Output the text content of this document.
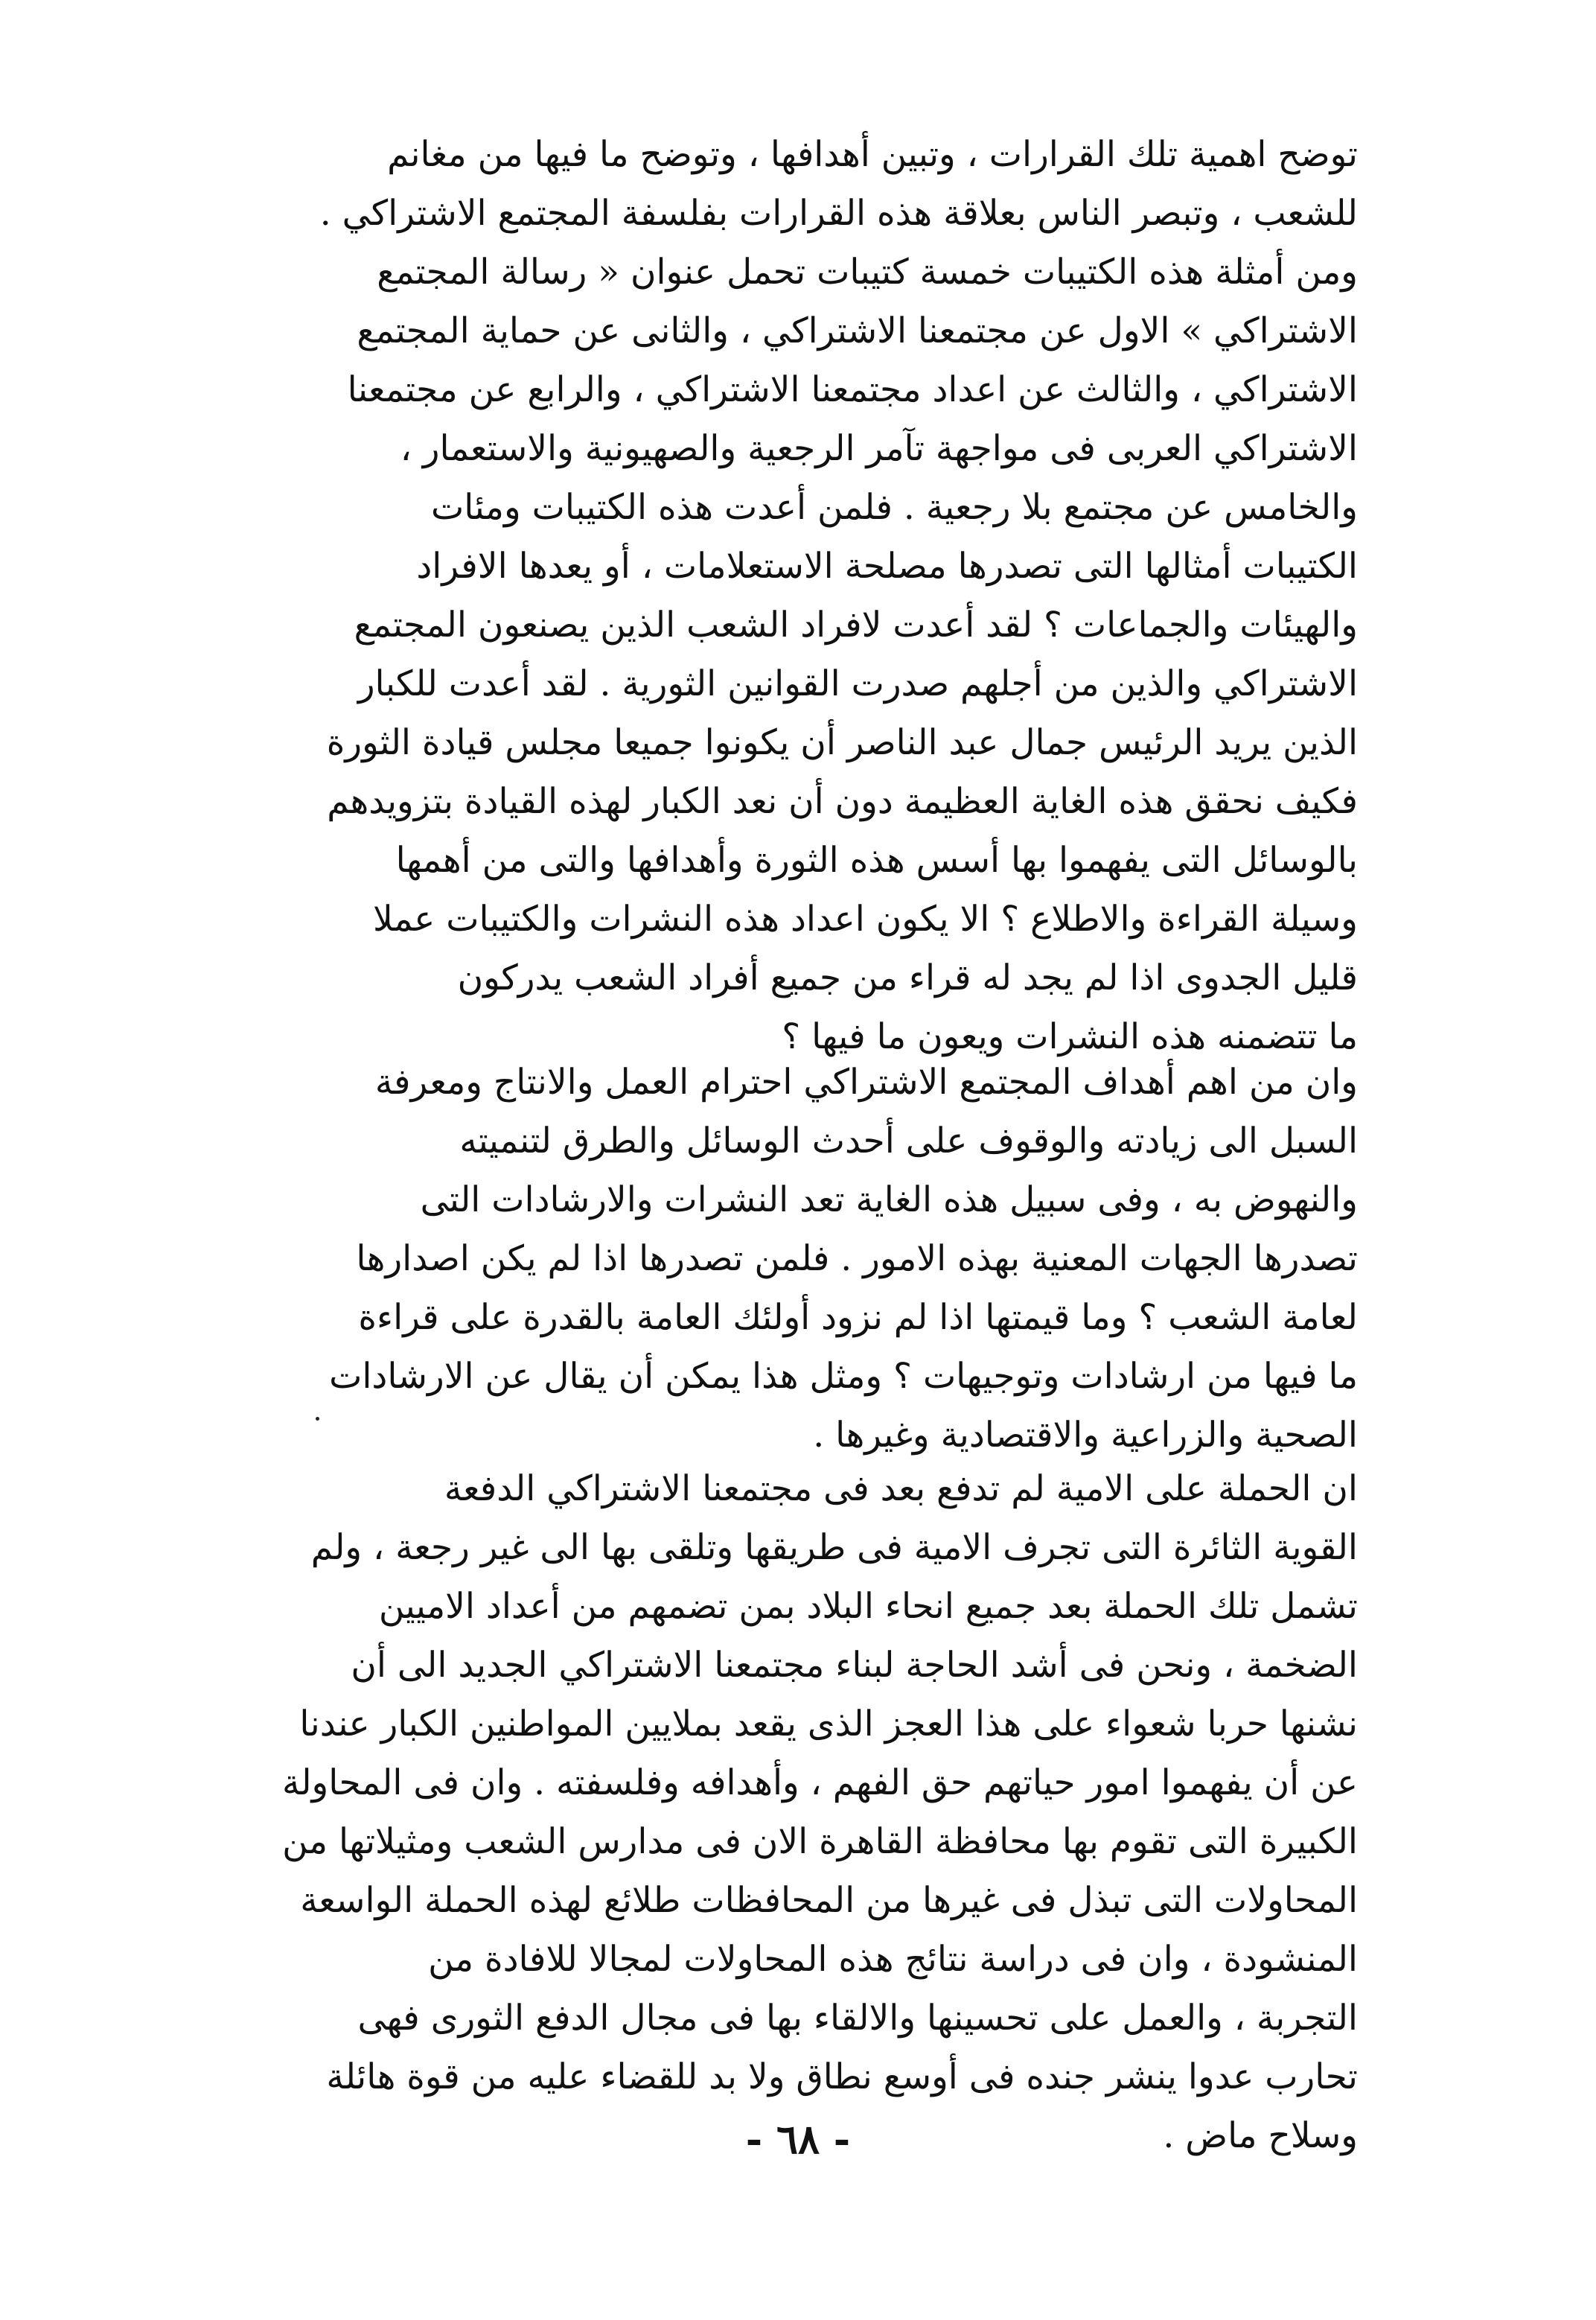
توضح اهمية تلك القرارات ، وتبين أهدافها ، وتوضح ما فيها من مغانم
للشعب ، وتبصر الناس بعلاقة هذه القرارات بفلسفة المجتمع الاشتراكي .
ومن أمثلة هذه الكتيبات خمسة كتيبات تحمل عنوان « رسالة المجتمع
الاشتراكي » الاول عن مجتمعنا الاشتراكي ، والثانى عن حماية المجتمع
الاشتراكي ، والثالث عن اعداد مجتمعنا الاشتراكي ، والرابع عن مجتمعنا
الاشتراكي العربى فى مواجهة تآمر الرجعية والصهيونية والاستعمار ،
والخامس عن مجتمع بلا رجعية . فلمن أعدت هذه الكتيبات ومئات
الكتيبات أمثالها التى تصدرها مصلحة الاستعلامات ، أو يعدها الافراد
والهيئات والجماعات ؟ لقد أعدت لافراد الشعب الذين يصنعون المجتمع
الاشتراكي والذين من أجلهم صدرت القوانين الثورية . لقد أعدت للكبار
الذين يريد الرئيس جمال عبد الناصر أن يكونوا جميعا مجلس قيادة الثورة
فكيف نحقق هذه الغاية العظيمة دون أن نعد الكبار لهذه القيادة بتزويدهم
بالوسائل التى يفهموا بها أسس هذه الثورة وأهدافها والتى من أهمها
وسيلة القراءة والاطلاع ؟ الا يكون اعداد هذه النشرات والكتيبات عملا
قليل الجدوى اذا لم يجد له قراء من جميع أفراد الشعب يدركون
ما تتضمنه هذه النشرات ويعون ما فيها ؟
وان من اهم أهداف المجتمع الاشتراكي احترام العمل والانتاج ومعرفة
السبل الى زيادته والوقوف على أحدث الوسائل والطرق لتنميته
والنهوض به ، وفى سبيل هذه الغاية تعد النشرات والارشادات التى
تصدرها الجهات المعنية بهذه الامور . فلمن تصدرها اذا لم يكن اصدارها
لعامة الشعب ؟ وما قيمتها اذا لم نزود أولئك العامة بالقدرة على قراءة
ما فيها من ارشادات وتوجيهات ؟ ومثل هذا يمكن أن يقال عن الارشادات
الصحية والزراعية والاقتصادية وغيرها .
ان الحملة على الامية لم تدفع بعد فى مجتمعنا الاشتراكي الدفعة
القوية الثائرة التى تجرف الامية فى طريقها وتلقى بها الى غير رجعة ، ولم
تشمل تلك الحملة بعد جميع انحاء البلاد بمن تضمهم من أعداد الاميين
الضخمة ، ونحن فى أشد الحاجة لبناء مجتمعنا الاشتراكي الجديد الى أن
نشنها حربا شعواء على هذا العجز الذى يقعد بملايين المواطنين الكبار عندنا
عن أن يفهموا امور حياتهم حق الفهم ، وأهدافه وفلسفته . وان فى المحاولة
الكبيرة التى تقوم بها محافظة القاهرة الان فى مدارس الشعب ومثيلاتها من
المحاولات التى تبذل فى غيرها من المحافظات طلائع لهذه الحملة الواسعة
المنشودة ، وان فى دراسة نتائج هذه المحاولات لمجالا للافادة من
التجربة ، والعمل على تحسينها والالقاء بها فى مجال الدفع الثورى فهى
تحارب عدوا ينشر جنده فى أوسع نطاق ولا بد للقضاء عليه من قوة هائلة
وسلاح ماض .
- ٦٨ -
